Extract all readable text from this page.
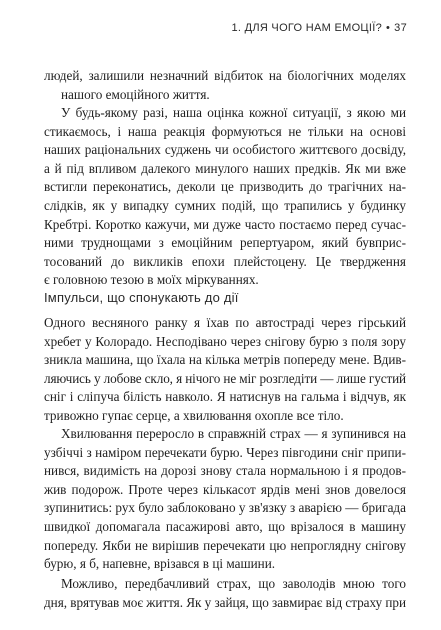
1. ДЛЯ ЧОГО НАМ ЕМОЦІЇ? • 37
людей, залишили незначний відбиток на біологічних моделях
нашого емоційного життя.
У будь-якому разі, наша оцінка кожної ситуації, з якою ми
стикаємось, і наша реакція формуються не тільки на основі
наших раціональних суджень чи особистого життєвого досвіду,
а й під впливом далекого минулого наших предків. Як ми вже
встигли переконатись, деколи це призводить до трагічних на-
слідків, як у випадку сумних подій, що трапились у будинку
Кребтрі. Коротко кажучи, ми дуже часто постаємо перед сучас-
ними труднощами з емоційним репертуаром, який бувприс-
тосований до викликів епохи плейстоцену. Це твердження
є головною тезою в моїх міркуваннях.
Імпульси, що спонукають до дії
Одного весняного ранку я їхав по автостраді через гірський
хребет у Колорадо. Несподівано через снігову бурю з поля зору
зникла машина, що їхала на кілька метрів попереду мене. Вдив-
ляючись у лобове скло, я нічого не міг розгледіти — лише густий
сніг і сліпуча білість навколо. Я натиснув на гальма і відчув, як
тривожно гупає серце, а хвилювання охопле все тіло.
Хвилювання переросло в справжній страх — я зупинився на
узбіччі з наміром перечекати бурю. Через півгодини сніг припи-
нився, видимість на дорозі знову стала нормальною і я продов-
жив подорож. Проте через кількасот ярдів мені знов довелося
зупинитись: рух було заблоковано у зв'язку з аварією — бригада
швидкої допомагала пасажирові авто, що врізалося в машину
попереду. Якби не вирішив перечекати цю непроглядну снігову
бурю, я б, напевне, врізався в ці машини.
Можливо, передбачливий страх, що заволодів мною того
дня, врятував моє життя. Як у зайця, що завмирає від страху при
